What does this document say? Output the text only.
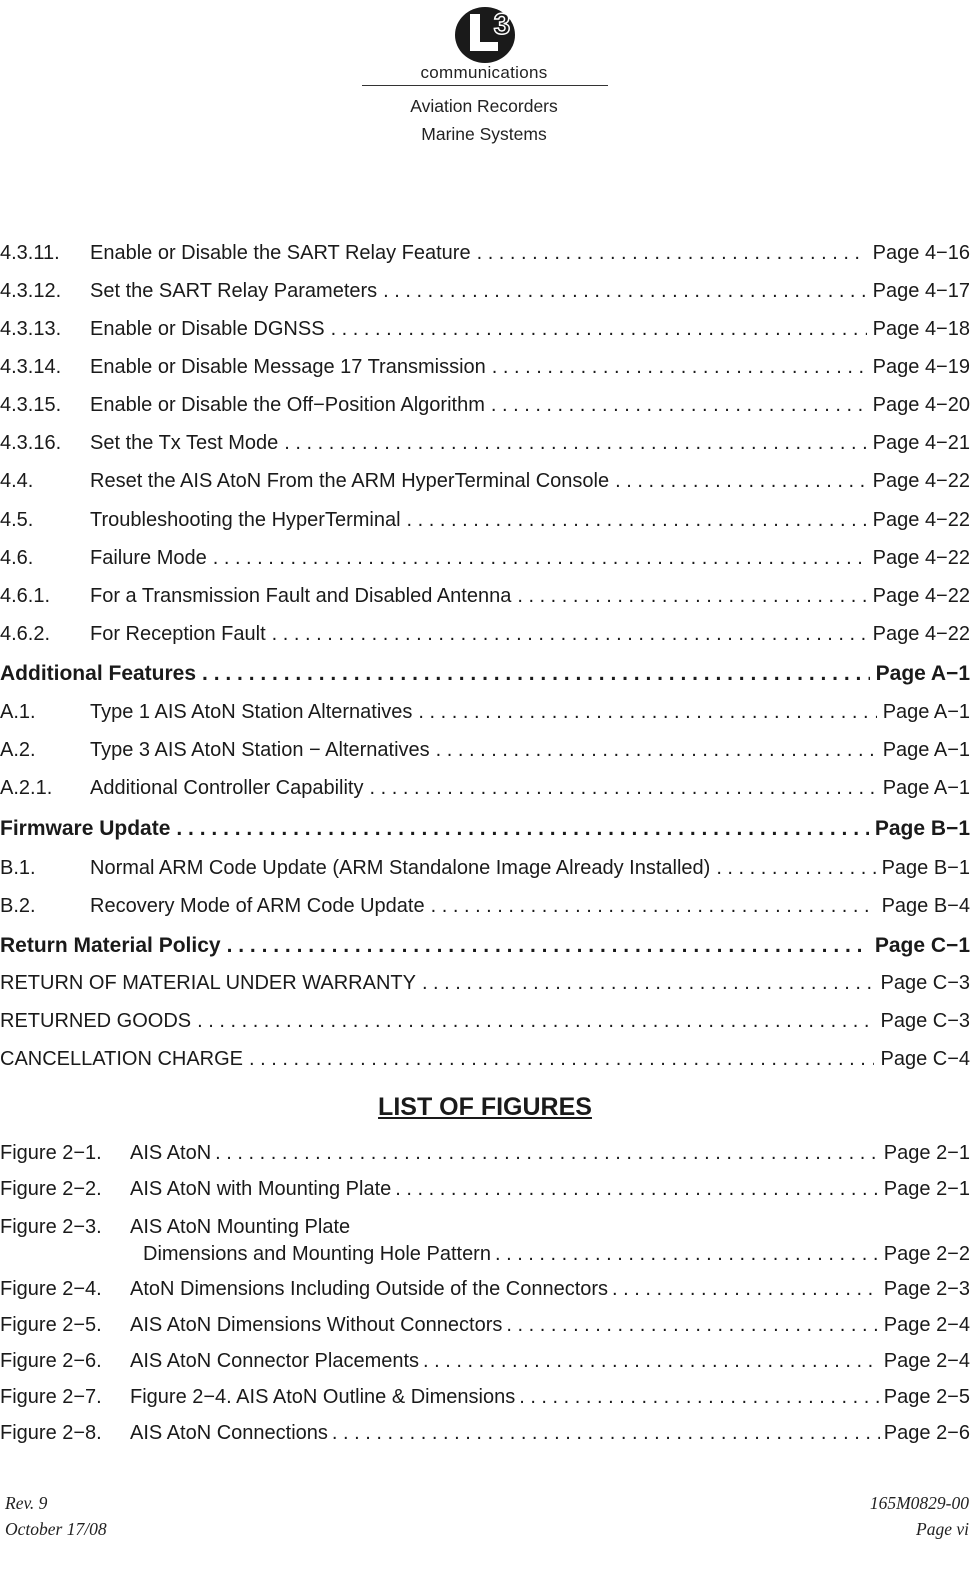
3
communications
Aviation Recorders
Marine Systems
4.3.11.	Enable or Disable the SART Relay Feature . . .	Page 4−16
4.3.12.	Set the SART Relay Parameters . . .	Page 4−17
4.3.13.	Enable or Disable DGNSS . . .	Page 4−18
4.3.14.	Enable or Disable Message 17 Transmission . . .	Page 4−19
4.3.15.	Enable or Disable the Off−Position Algorithm . . .	Page 4−20
4.3.16.	Set the Tx Test Mode . . .	Page 4−21
4.4.	Reset the AIS AtoN From the ARM HyperTerminal Console . . .	Page 4−22
4.5.	Troubleshooting the HyperTerminal . . .	Page 4−22
4.6.	Failure Mode . . .	Page 4−22
4.6.1.	For a Transmission Fault and Disabled Antenna . . .	Page 4−22
4.6.2.	For Reception Fault . . .	Page 4−22
Additional Features . . .	Page A−1
A.1.	Type 1 AIS AtoN Station Alternatives . . .	Page A−1
A.2.	Type 3 AIS AtoN Station − Alternatives . . .	Page A−1
A.2.1.	Additional Controller Capability . . .	Page A−1
Firmware Update . . .	Page B−1
B.1.	Normal ARM Code Update (ARM Standalone Image Already Installed) . . .	Page B−1
B.2.	Recovery Mode of ARM Code Update . . .	Page B−4
Return Material Policy . . .	Page C−1
RETURN OF MATERIAL UNDER WARRANTY . . .	Page C−3
RETURNED GOODS . . .	Page C−3
CANCELLATION CHARGE . . .	Page C−4
LIST OF FIGURES
Figure 2−1.	AIS AtoN . . .	Page 2−1
Figure 2−2.	AIS AtoN with Mounting Plate . . .	Page 2−1
Figure 2−3.	AIS AtoN Mounting Plate
Dimensions and Mounting Hole Pattern . . .	Page 2−2
Figure 2−4.	AtoN Dimensions Including Outside of the Connectors . . .	Page 2−3
Figure 2−5.	AIS AtoN Dimensions Without Connectors . . .	Page 2−4
Figure 2−6.	AIS AtoN Connector Placements . . .	Page 2−4
Figure 2−7.	Figure 2−4. AIS AtoN Outline & Dimensions . . .	Page 2−5
Figure 2−8.	AIS AtoN Connections . . .	Page 2−6
Rev. 9
October 17/08
165M0829-00
Page vi
